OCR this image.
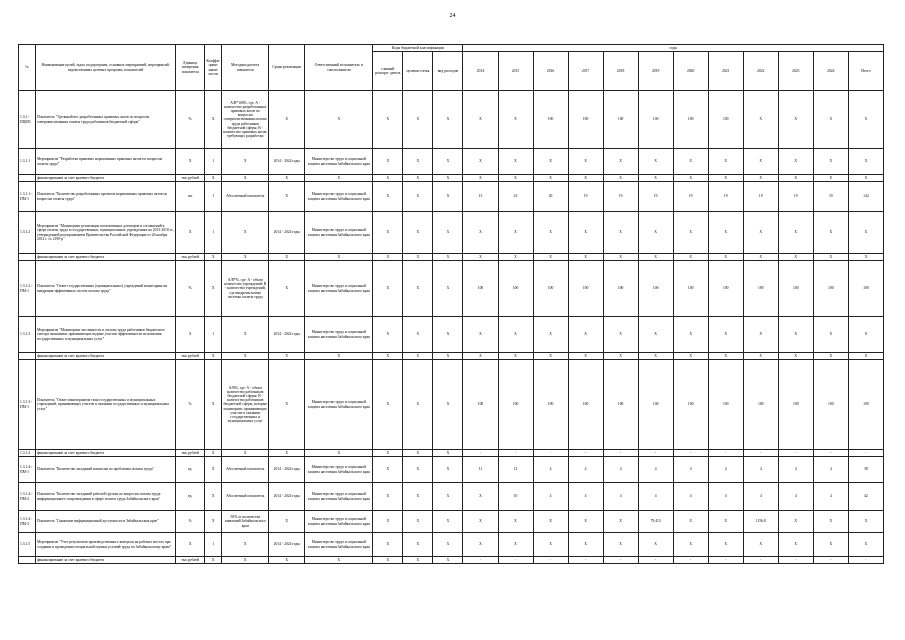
24
№	Наименование целей, задач, подпрограмм, основных мероприятий, мероприятий, ведомственных целевых программ, показателей	Единица измерения показателя	Коэффи- циент значи- мости	Методика расчета показателя	Сроки реализации	Ответственный исполнитель и соисполнители	Коды бюджетной классификации			годы											
							главный распоря- дитель	целевая статья	вид расходов	2014	2015	2016	2017	2018	2019	2020	2021	2022	2023	2024	Итого
1.3.1.- ПЦМ3	Показатель "Удельный вес разработанных правовых актов по вопросам совершенствования оплаты труда работников бюджетной сферы"	%	X	А/В*100%, где: А - количество разработанных правовых актов по вопросам совершенствования оплаты труда работников бюджетной сферы; В - количество правовых актов, требующих разработки	X	X	X	X	X	X	X	100	100	100	100	100	100	X	X	X	X
1.3.1.1	Мероприятие "Разработка правовых нормативных правовых актов по вопросам оплаты труда"	X	1	X	2014 - 2024 годы	Министерство труда и социальной защиты населения Забайкальского края	X	X	X	X	X	X	X	X	X	X	X	X	X	X	X
	финансирование за счет краевого бюджета	тыс.рублей	X	X	X	X	X	X	X	X	X	X	X	X	X	X	X	X	X	X	X
1.3.1.1.- ПМ-1	Показатель "Количество разработанных проектов нормативных правовых актов по вопросам оплаты труда"	шт	1	Абсолютный показатель	X	Министерство труда и социальной защиты населения Забайкальского края	X	X	X	13	23	20	19	19	19	19	19	19	19	19	142
1.3.1.2	Мероприятие "Мониторинг реализации коллективных договоров и соглашений в сфере оплаты труда в государственных, муниципальных учреждениях на 2013-2018 гг., утвержденной распоряжением Правительства Российской Федерации от 26 ноября 2012 г. № 2190-р"	X	1	X	2014 - 2024 годы	Министерство труда и социальной защиты населения Забайкальского края	X	X	X	X	X	X	X	X	X	X	X	X	X	X	X
	финансирование за счет краевого бюджета	тыс.рублей	X	X	X	X	X	X	X	X	X	X	X	X	X	X	X	X	X	X	X
1.3.1.2.- ПМ-1	Показатель "Охват государственных (муниципальных) учреждений мониторингом внедрения эффективных систем оплаты труда"	%	X	А/В*%, где: А - объем количество учреждений; В - количество учреждений, где внедрены новые системы оплаты труда	X	Министерство труда и социальной защиты населения Забайкальского края	X	X	X	100	100	100	100	100	100	100	100	100	100	100	100
1.3.1.3	Мероприятие "Мониторинг численности и оплаты труда работников бюджетного сектора экономики, применяющих водные участки эффективности исполнения государственных и муниципальных услуг"	X	1	X	2014 - 2024 годы	Министерство труда и социальной защиты населения Забайкальского края	X	X	X	X	X	X	X	X	X	X	X	X	X	X	X
	финансирование за счет краевого бюджета	тыс.рублей	X	X	X	X	X	X	X	X	X	X	X	X	X	X	X	X	X	X	X
1.3.1.3.- ПМ-1	Показатель "Охват мониторингом типа государственных и муниципальных учреждений, принимающих участие в оказании государственных и муниципальных услуг"	%	X	А/В%, где: А - объем количество работников бюджетной сферы; В - количество работников бюджетной сферы, которые мониторинг, принимающих участие в оказании государственных и муниципальных услуг	X	Министерство труда и социальной защиты населения Забайкальского края	X	X	X	100	100	100	100	100	100	100	100	100	100	100	100
1.3.1.4	финансирование за счет краевого бюджета	тыс.рублей	X	X	X	X	X	X	X	-	-	-	-	-	-	-	-	-	-	-	-
1.3.1.4.- ПМ-1	Показатель "Количество заседаний комиссии по проблемам оплаты труда"	ед.	X	Абсолютный показатель	2014 - 2024 годы	Министерство труда и социальной защиты населения Забайкальского края	X	X	X	11	12	4	4	4	4	4	4	4	4	4	38
1.3.1.4.- ПМ-2	Показатель "Количество заседаний рабочей группы по вопросам оплаты труда информационного сопровождения в сфере оплаты труда Забайкальского края"	ед.	X	Абсолютный показатель	2014 - 2024 годы	Министерство труда и социальной защиты населения Забайкальского края	X	X	X	X	10	4	4	4	4	4	4	4	4	4	42
1.3.1.4.- ПМ-3	Показатель "Снижение информационной доступности в Забайкальском крае"	%	X	50% от количества заявлений Забайкальского края	X	Министерство труда и социальной защиты населения Забайкальского края	X	X	X	X	X	X	X	X	79,413	X	X	1156,8	X	X	X
1.3.1.5	Мероприятие "Учет результатов производственного контроля на рабочих местах при создании и проведении специальной оценки условий труда по Забайкальскому краю"	X	1	X	2014 - 2024 годы	Министерство труда и социальной защиты населения Забайкальского края	X	X	X	X	X	X	X	X	X	X	X	X	X	X	X
	финансирование за счет краевого бюджета	тыс.рублей	X	X	X	X	X	X	X	-	-	-	-	-	-	-	-	-	-	-	-
